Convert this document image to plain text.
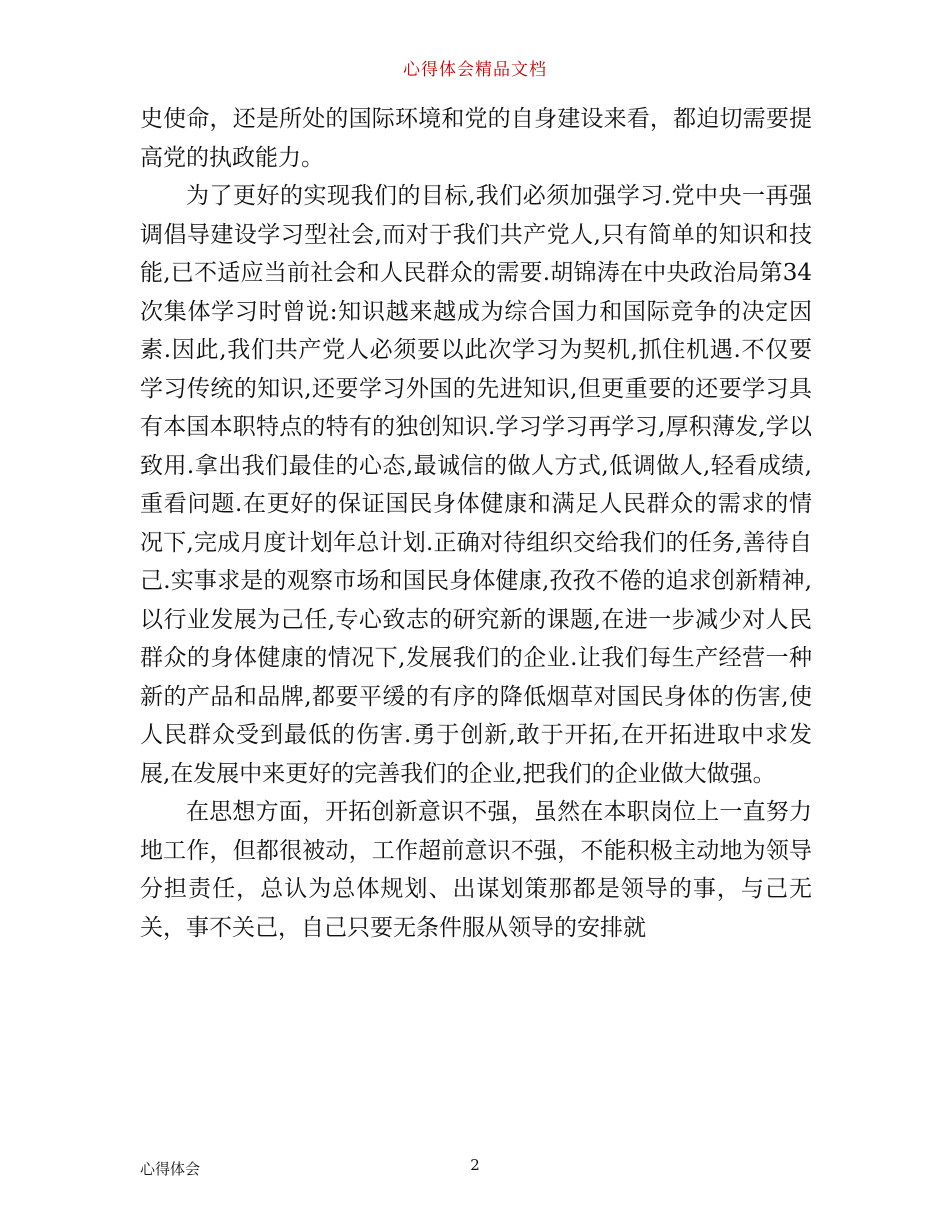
心得体会精品文档

史使命，还是所处的国际环境和党的自身建设来看，都迫切需要提高党的执政能力。

为了更好的实现我们的目标,我们必须加强学习.党中央一再强调倡导建设学习型社会,而对于我们共产党人,只有简单的知识和技能,已不适应当前社会和人民群众的需要.胡锦涛在中央政治局第34次集体学习时曾说:知识越来越成为综合国力和国际竞争的决定因素.因此,我们共产党人必须要以此次学习为契机,抓住机遇.不仅要学习传统的知识,还要学习外国的先进知识,但更重要的还要学习具有本国本职特点的特有的独创知识.学习学习再学习,厚积薄发,学以致用.拿出我们最佳的心态,最诚信的做人方式,低调做人,轻看成绩,重看问题.在更好的保证国民身体健康和满足人民群众的需求的情况下,完成月度计划年总计划.正确对待组织交给我们的任务,善待自己.实事求是的观察市场和国民身体健康,孜孜不倦的追求创新精神,以行业发展为己任,专心致志的研究新的课题,在进一步减少对人民群众的身体健康的情况下,发展我们的企业.让我们每生产经营一种新的产品和品牌,都要平缓的有序的降低烟草对国民身体的伤害,使人民群众受到最低的伤害.勇于创新,敢于开拓,在开拓进取中求发展,在发展中来更好的完善我们的企业,把我们的企业做大做强。

在思想方面，开拓创新意识不强，虽然在本职岗位上一直努力地工作，但都很被动，工作超前意识不强，不能积极主动地为领导分担责任，总认为总体规划、出谋划策那都是领导的事，与己无关，事不关己，自己只要无条件服从领导的安排就

心得体会	2
